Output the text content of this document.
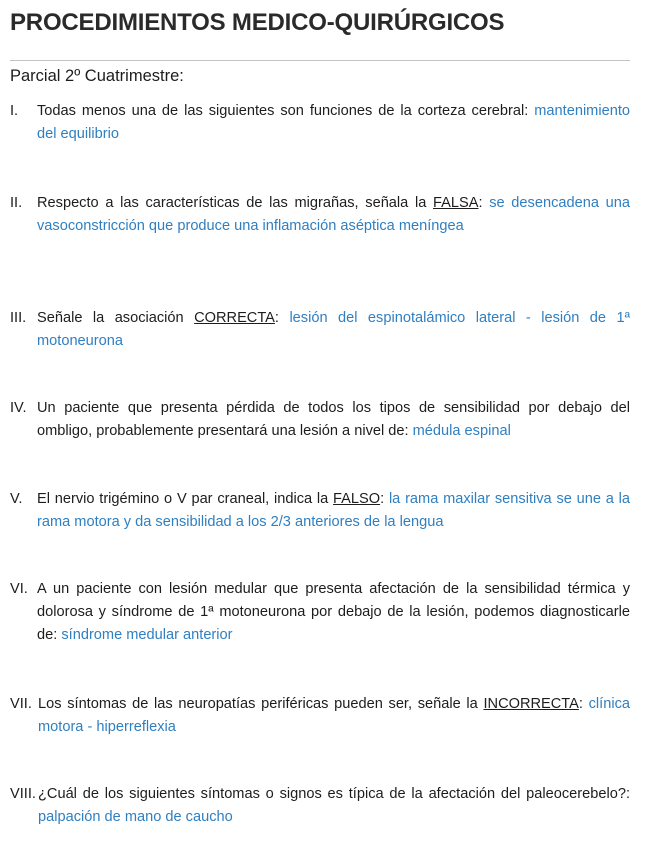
PROCEDIMIENTOS MEDICO-QUIRÚRGICOS
Parcial 2º Cuatrimestre:
I. Todas menos una de las siguientes son funciones de la corteza cerebral: mantenimiento del equilibrio
II. Respecto a las características de las migrañas, señala la FALSA: se desencadena una vasoconstricción que produce una inflamación aséptica meníngea
III. Señale la asociación CORRECTA: lesión del espinotalámico lateral - lesión de 1ª motoneurona
IV. Un paciente que presenta pérdida de todos los tipos de sensibilidad por debajo del ombligo, probablemente presentará una lesión a nivel de: médula espinal
V. El nervio trigémino o V par craneal, indica la FALSO: la rama maxilar sensitiva se une a la rama motora y da sensibilidad a los 2/3 anteriores de la lengua
VI. A un paciente con lesión medular que presenta afectación de la sensibilidad térmica y dolorosa y síndrome de 1ª motoneurona por debajo de la lesión, podemos diagnosticarle de: síndrome medular anterior
VII. Los síntomas de las neuropatías periféricas pueden ser, señale la INCORRECTA: clínica motora - hiperreflexia
VIII. ¿Cuál de los siguientes síntomas o signos es típica de la afectación del paleocerebelo?: palpación de mano de caucho
